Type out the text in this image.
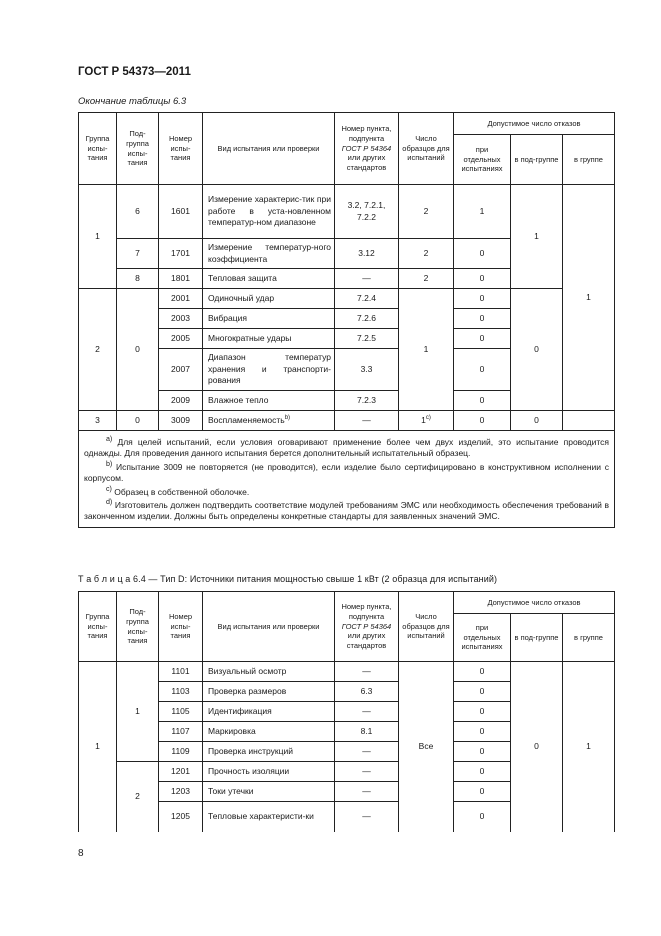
ГОСТ Р 54373—2011
Окончание таблицы 6.3
Группа испы-тания	Под-группа испы-тания	Номер испы-тания	Вид испытания или проверки	Номер пункта, подпункта
ГОСТ Р 54364
или других стандартов	Число образцов для испытаний	Допустимое число отказов		
						при отдельных испытаниях	в под-группе	в группе
1	6	1601	Измерение характерис-тик при работе в уста-новленном температур-ном диапазоне	3.2, 7.2.1, 7.2.2	2	1	1	1
	7	1701	Измерение температур-ного коэффициента	3.12	2	0		
	8	1801	Тепловая защита	—	2	0		
2	0	2001	Одиночный удар	7.2.4	1	0	0	
		2003	Вибрация	7.2.6		0		
		2005	Многократные удары	7.2.5		0		
		2007	Диапазон температур хранения и транспорти-рования	3.3		0		
		2009	Влажное тепло	7.2.3		0		
3	0	3009	Воспламеняемость$^{b)}$	—	1$^{c)}$	0	0	

$^{a)}$ Для целей испытаний, если условия оговаривают применение более чем двух изделий, это испытание проводится однажды. Для проведения данного испытания берется дополнительный испытательный образец.

$^{b)}$ Испытание 3009 не повторяется (не проводится), если изделие было сертифицировано в конструктивном исполнении с корпусом.

$^{c)}$ Образец в собственной оболочке.

$^{d)}$ Изготовитель должен подтвердить соответствие модулей требованиям ЭМС или необходимость обеспечения требований в законченном изделии. Должны быть определены конкретные стандарты для заявленных значений ЭМС.								

Т а б л и ц а 6.4 — Тип D: Источники питания мощностью свыше 1 кВт (2 образца для испытаний)
Группа испы-тания	Под-группа испы-тания	Номер испы-тания	Вид испытания или проверки	Номер пункта, подпункта
ГОСТ Р 54364
или других стандартов	Число образцов для испытаний	Допустимое число отказов		
						при отдельных испытаниях	в под-группе	в группе
1	1	1101	Визуальный осмотр	—	Все	0	0	1
		1103	Проверка размеров	6.3		0		
		1105	Идентификация	—		0		
		1107	Маркировка	8.1		0		
		1109	Проверка инструкций	—		0		
	2	1201	Прочность изоляции	—		0		
		1203	Токи утечки	—		0		
		1205	Тепловые характеристи-ки	—		0		
8
